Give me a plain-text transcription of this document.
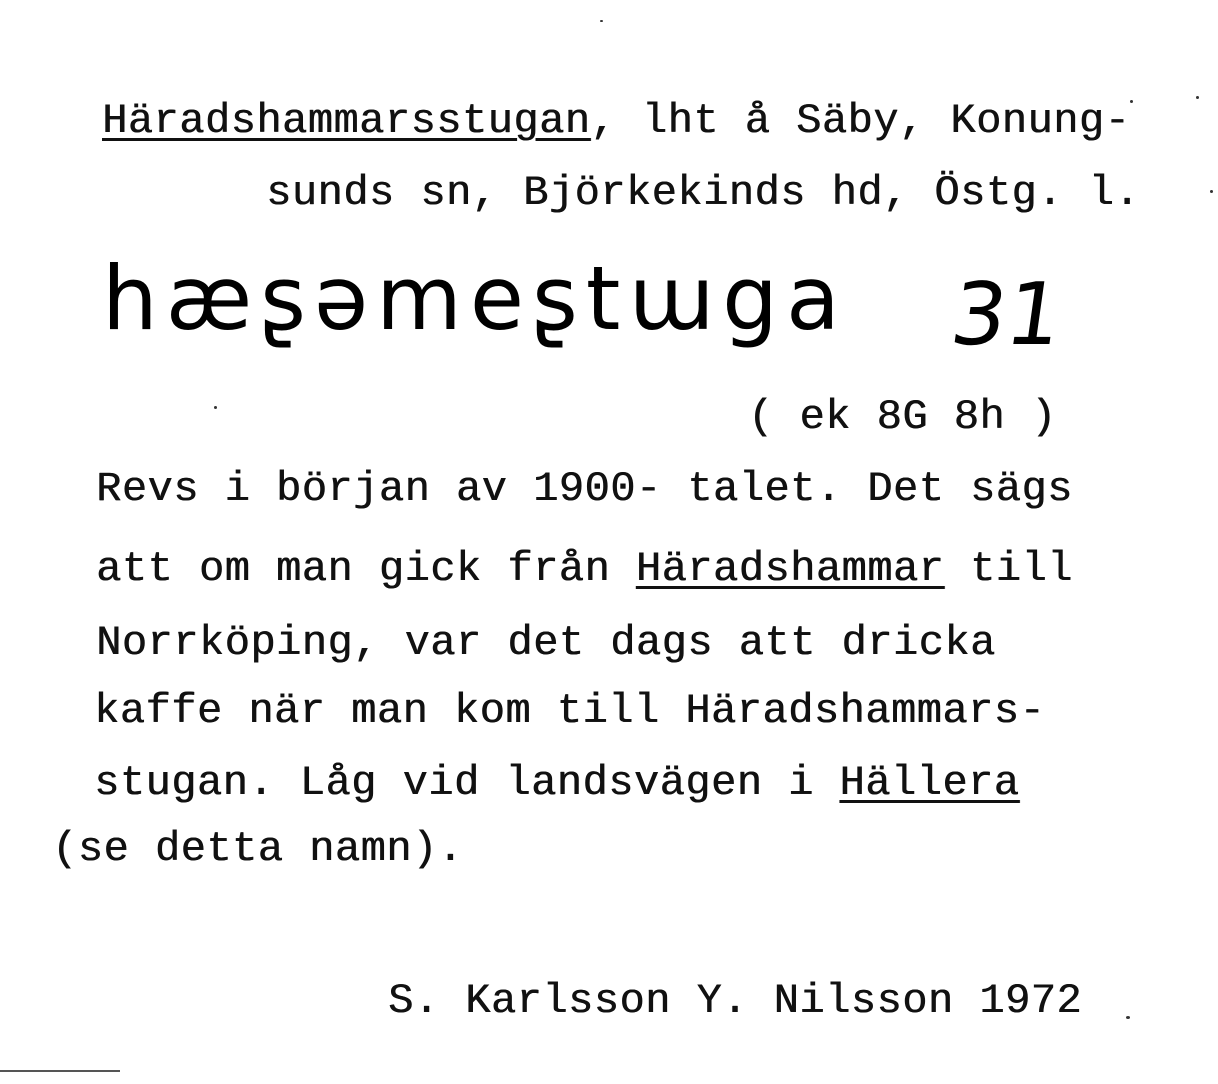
Häradshammarsstugan, lht å Säby, Konung-
sunds sn, Björkekinds hd, Östg. l.
hæʂəmeʂtɯga 31
( ek 8G 8h )
Revs i början av 1900- talet. Det sägs
att om man gick från Häradshammar till
Norrköping, var det dags att dricka
kaffe när man kom till Häradshammars-
stugan. Låg vid landsvägen i Hällera
(se detta namn).
S. Karlsson Y. Nilsson 1972
